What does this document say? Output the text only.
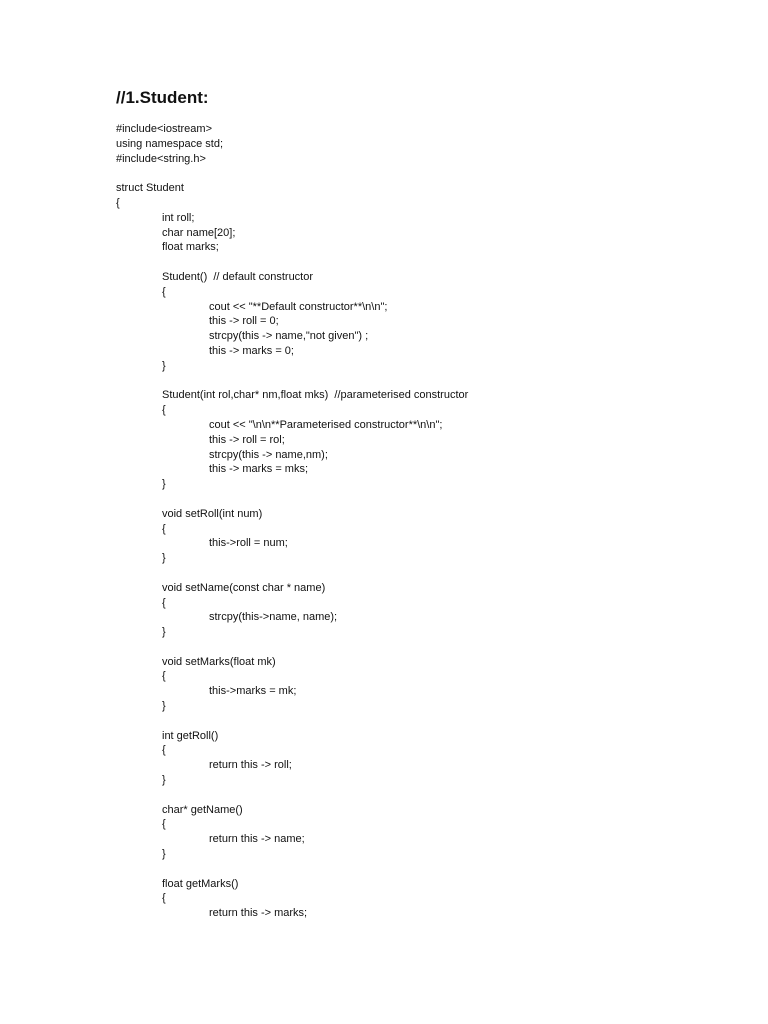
//1.Student:
#include<iostream>
using namespace std;
#include<string.h>
struct Student
{
int roll;
char name[20];
float marks;
Student()  // default constructor
{
cout << "**Default constructor**\n\n";
this -> roll = 0;
strcpy(this -> name,"not given") ;
this -> marks = 0;
}
Student(int rol,char* nm,float mks)  //parameterised constructor
{
cout << "\n\n**Parameterised constructor**\n\n";
this -> roll = rol;
strcpy(this -> name,nm);
this -> marks = mks;
}
void setRoll(int num)
{
this->roll = num;
}
void setName(const char * name)
{
strcpy(this->name, name);
}
void setMarks(float mk)
{
this->marks = mk;
}
int getRoll()
{
return this -> roll;
}
char* getName()
{
return this -> name;
}
float getMarks()
{
return this -> marks;
